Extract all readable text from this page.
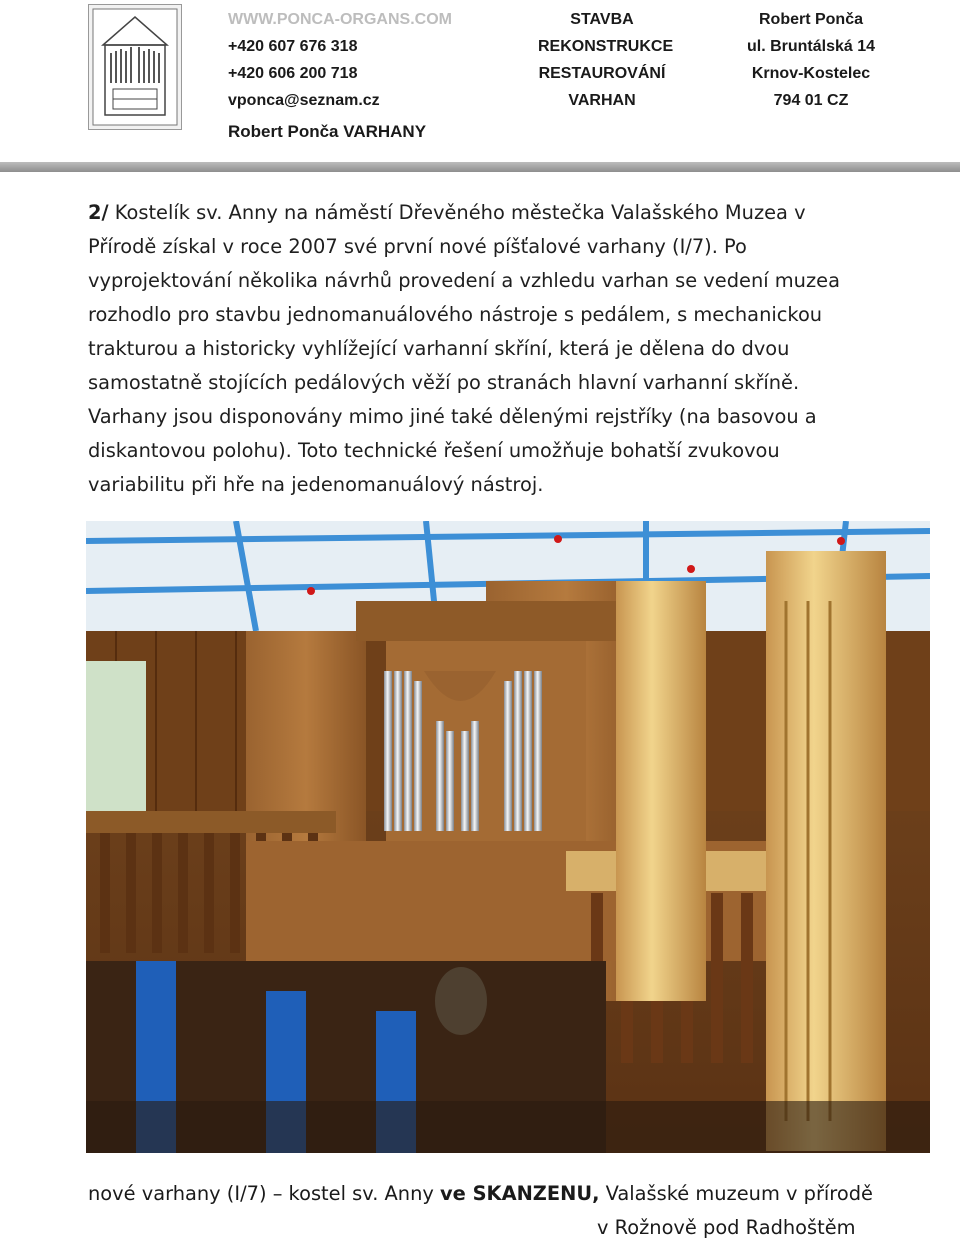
WWW.PONCA-ORGANS.COM
+420 607 676 318
+420 606 200 718
vponca@seznam.cz
STAVBA
REKONSTRUKCE
RESTAUROVÁNÍ
VARHAN
Robert Ponča
ul. Bruntálská 14
Krnov-Kostelec
794 01 CZ
Robert Ponča VARHANY
2/ Kostelík sv. Anny na náměstí Dřevěného městečka Valašského Muzea v Přírodě získal v roce 2007 své první nové píšťalové varhany (I/7). Po vyprojektování několika návrhů provedení a vzhledu varhan se vedení muzea rozhodlo pro stavbu jednomanuálového nástroje s pedálem, s mechanickou trakturou a historicky vyhlížející varhanní skříní, která je dělena do dvou samostatně stojících pedálových věží po stranách hlavní varhanní skříně. Varhany jsou disponovány mimo jiné také dělenými rejstříky (na basovou a diskantovou polohu). Toto technické řešení umožňuje bohatší zvukovou variabilitu při hře na jedenomanuálový nástroj.
nové varhany (I/7) – kostel sv. Anny ve SKANZENU, Valašské muzeum v přírodě
v Rožnově pod Radhoštěm
